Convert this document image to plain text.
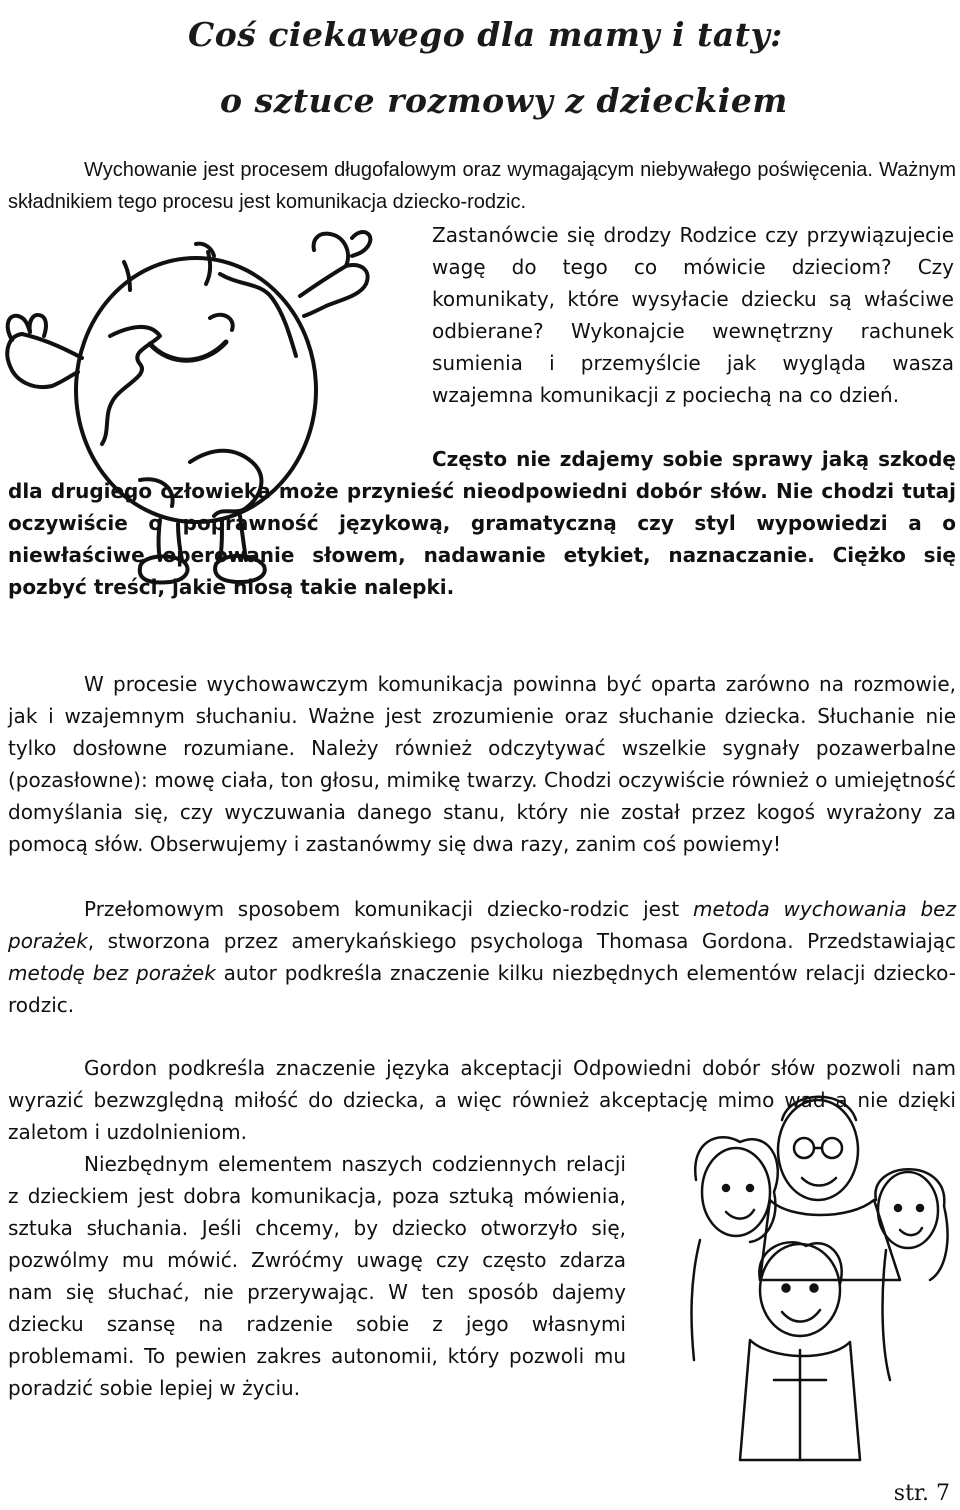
Coś ciekawego dla mamy i taty:
o sztuce rozmowy z dzieckiem

Wychowanie jest procesem długofalowym oraz wymagającym niebywałego poświęcenia. Ważnym składnikiem tego procesu jest komunikacja dziecko-rodzic.

Zastanówcie się drodzy Rodzice czy przywiązujecie wagę do tego co mówicie dzieciom? Czy komunikaty, które wysyłacie dziecku są właściwe odbierane? Wykonajcie wewnętrzny rachunek sumienia i przemyślcie jak wygląda wasza wzajemna komunikacji z pociechą na co dzień.

Często nie zdajemy sobie sprawy jaką szkodę dla drugiego człowieka może przynieść nieodpowiedni dobór słów. Nie chodzi tutaj oczywiście o poprawność językową, gramatyczną czy styl wypowiedzi a o niewłaściwe operowanie słowem, nadawanie etykiet, naznaczanie. Ciężko się pozbyć treści, jakie niosą takie nalepki.

W procesie wychowawczym komunikacja powinna być oparta zarówno na rozmowie, jak i wzajemnym słuchaniu. Ważne jest zrozumienie oraz słuchanie dziecka. Słuchanie nie tylko dosłowne rozumiane. Należy również odczytywać wszelkie sygnały pozawerbalne (pozasłowne): mowę ciała, ton głosu, mimikę twarzy. Chodzi oczywiście również o umiejętność domyślania się, czy wyczuwania danego stanu, który nie został przez kogoś wyrażony za pomocą słów. Obserwujemy i zastanówmy się dwa razy, zanim coś powiemy!

Przełomowym sposobem komunikacji dziecko-rodzic jest metoda wychowania bez porażek, stworzona przez amerykańskiego psychologa Thomasa Gordona. Przedstawiając metodę bez porażek autor podkreśla znaczenie kilku niezbędnych elementów relacji dziecko-rodzic.

Gordon podkreśla znaczenie języka akceptacji Odpowiedni dobór słów pozwoli nam wyrazić bezwzględną miłość do dziecka, a więc również akceptację mimo wad a nie dzięki zaletom i uzdolnieniom.

Niezbędnym elementem naszych codziennych relacji z dzieckiem jest dobra komunikacja, poza sztuką mówienia, sztuka słuchania. Jeśli chcemy, by dziecko otworzyło się, pozwólmy mu mówić. Zwróćmy uwagę czy często zdarza nam się słuchać, nie przerywając. W ten sposób dajemy dziecku szansę na radzenie sobie z jego własnymi problemami. To pewien zakres autonomii, który pozwoli mu poradzić sobie lepiej w życiu.

str. 7
